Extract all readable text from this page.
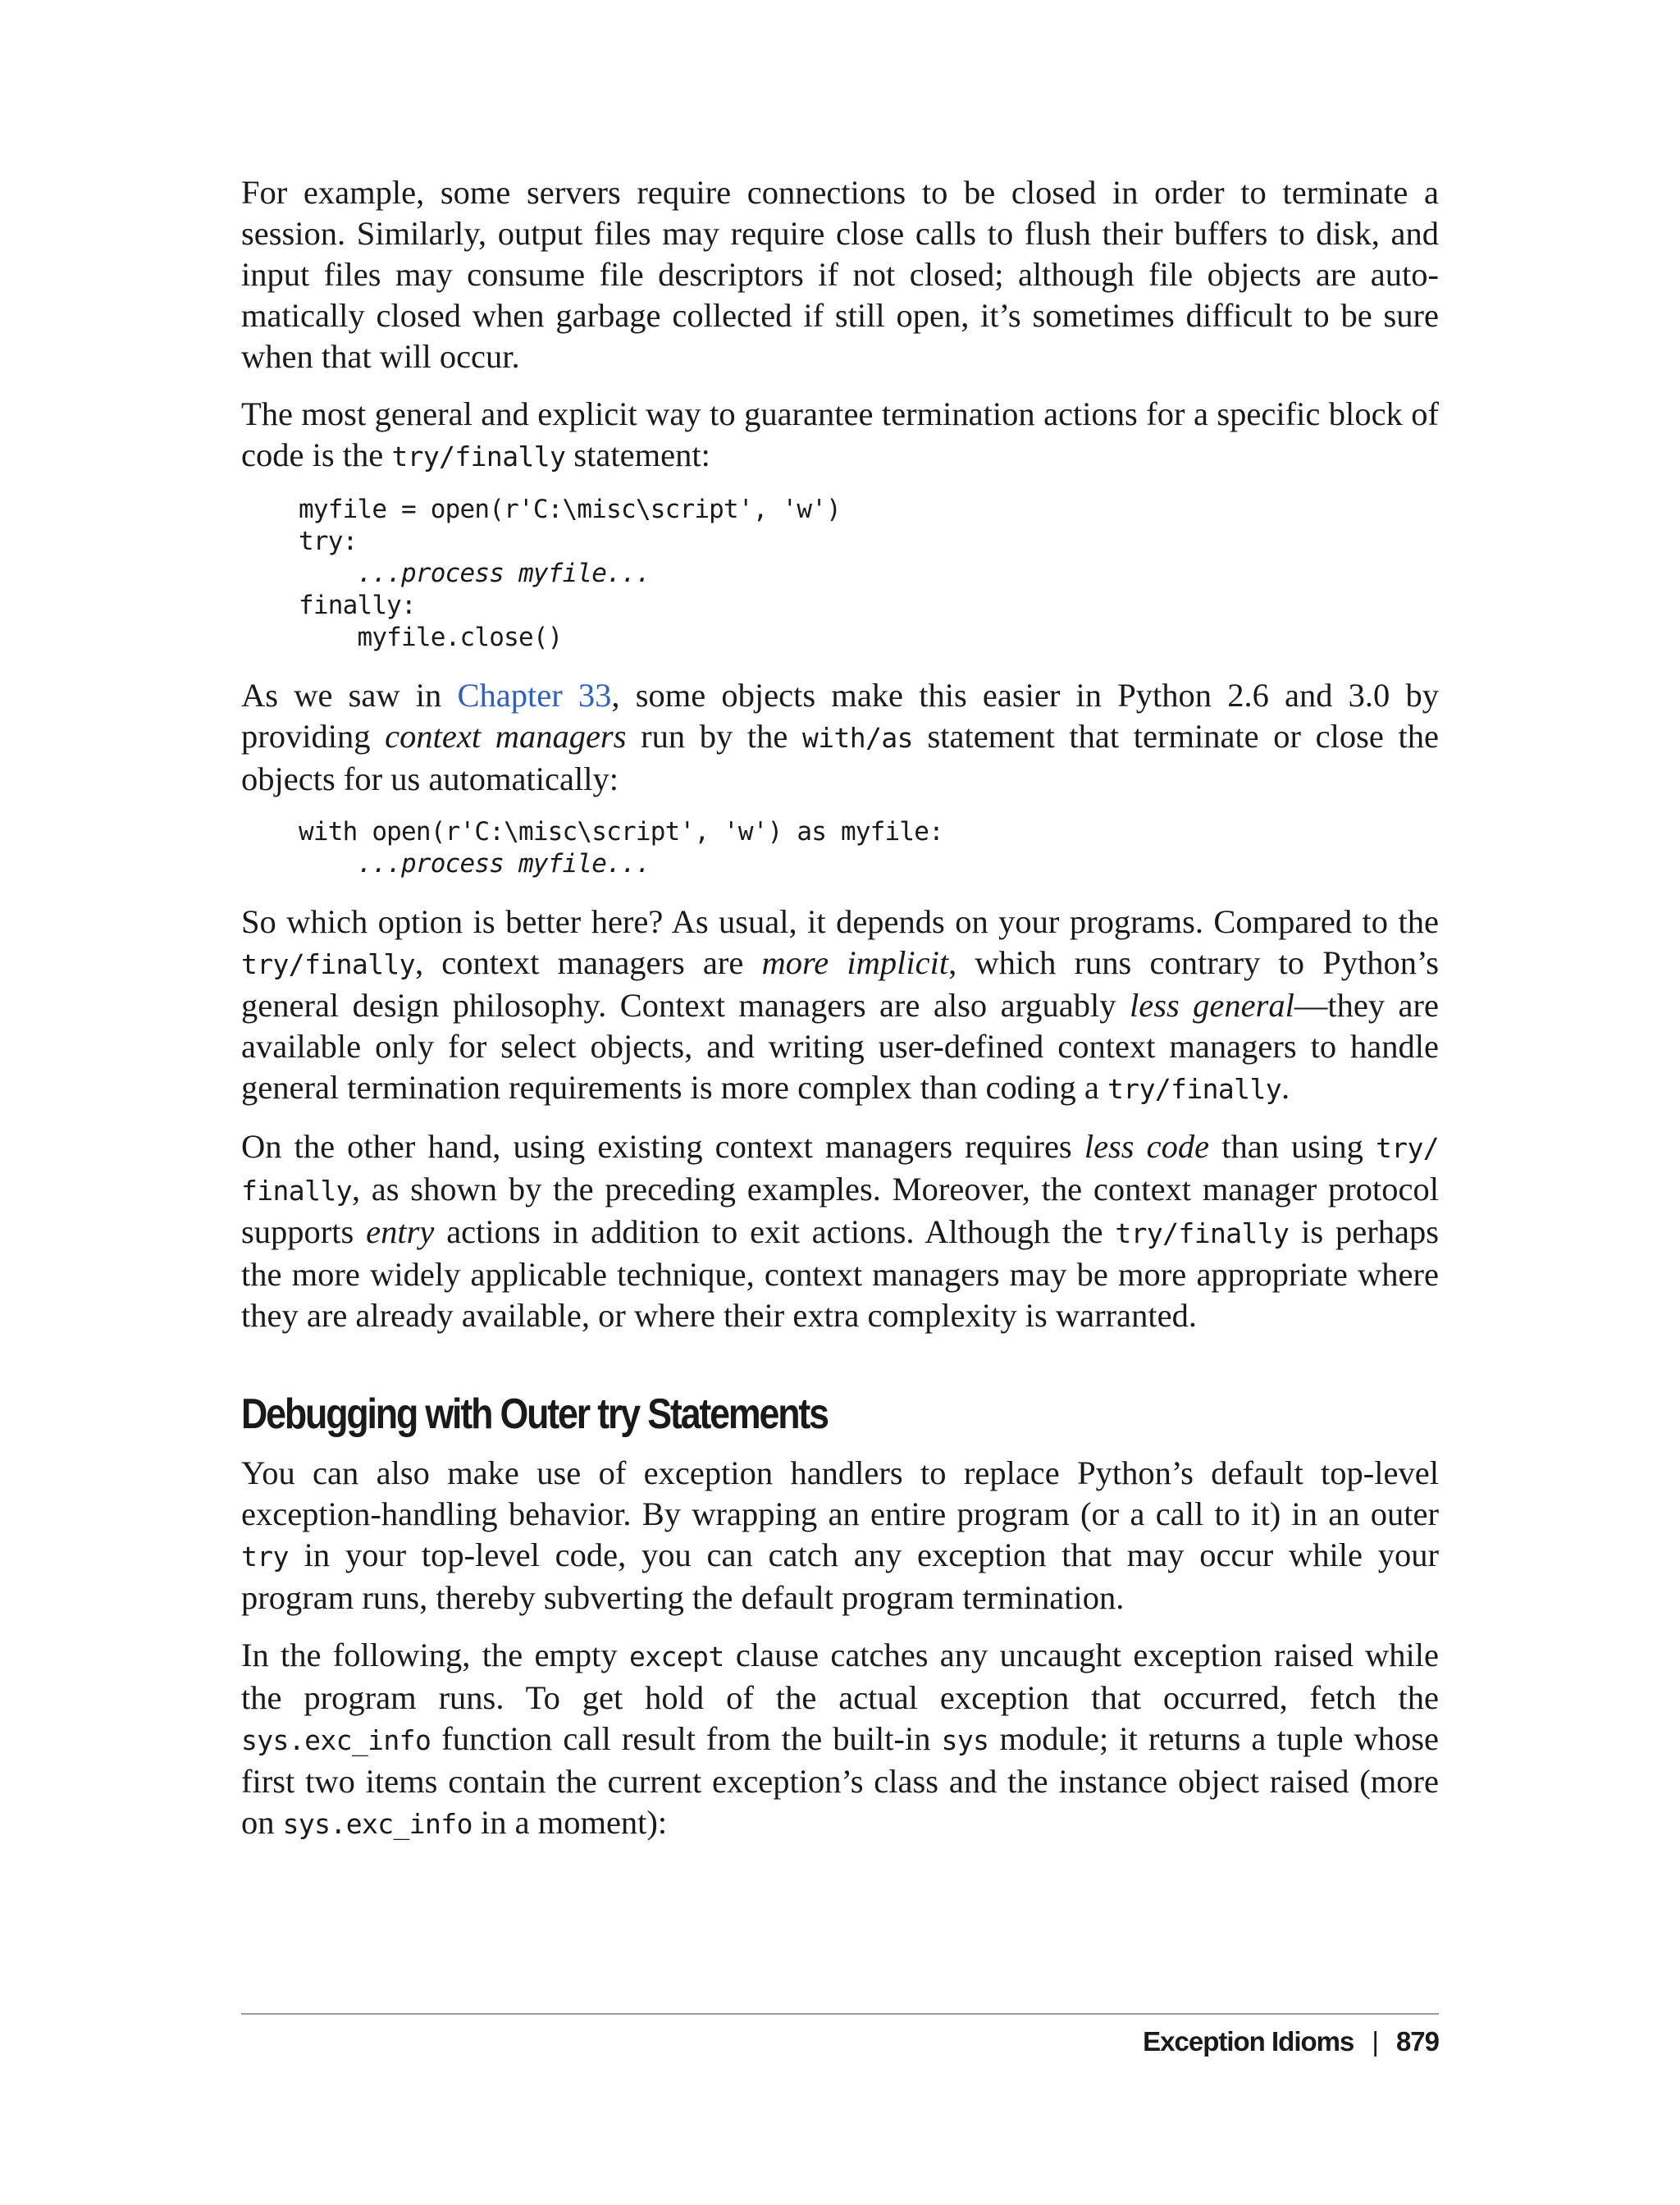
For example, some servers require connections to be closed in order to terminate a session. Similarly, output files may require close calls to flush their buffers to disk, and input files may consume file descriptors if not closed; although file objects are automatically closed when garbage collected if still open, it’s sometimes difficult to be sure when that will occur.

The most general and explicit way to guarantee termination actions for a specific block of code is the try/finally statement:

myfile = open(r'C:\misc\script', 'w')
try:
...process myfile...
finally:
myfile.close()

As we saw in Chapter 33, some objects make this easier in Python 2.6 and 3.0 by providing context managers run by the with/as statement that terminate or close the objects for us automatically:

with open(r'C:\misc\script', 'w') as myfile:
...process myfile...

So which option is better here? As usual, it depends on your programs. Compared to the try/finally, context managers are more implicit, which runs contrary to Python’s general design philosophy. Context managers are also arguably less general—they are available only for select objects, and writing user-defined context managers to handle general termination requirements is more complex than coding a try/finally.

On the other hand, using existing context managers requires less code than using try/​finally, as shown by the preceding examples. Moreover, the context manager protocol supports entry actions in addition to exit actions. Although the try/finally is perhaps the more widely applicable technique, context managers may be more appropriate where they are already available, or where their extra complexity is warranted.

Debugging with Outer try Statements

You can also make use of exception handlers to replace Python’s default top-level exception-handling behavior. By wrapping an entire program (or a call to it) in an outer try in your top-level code, you can catch any exception that may occur while your program runs, thereby subverting the default program termination.

In the following, the empty except clause catches any uncaught exception raised while the program runs. To get hold of the actual exception that occurred, fetch the sys.exc_info function call result from the built-in sys module; it returns a tuple whose first two items contain the current exception’s class and the instance object raised (more on sys.exc_info in a moment):

Exception Idioms | 879
